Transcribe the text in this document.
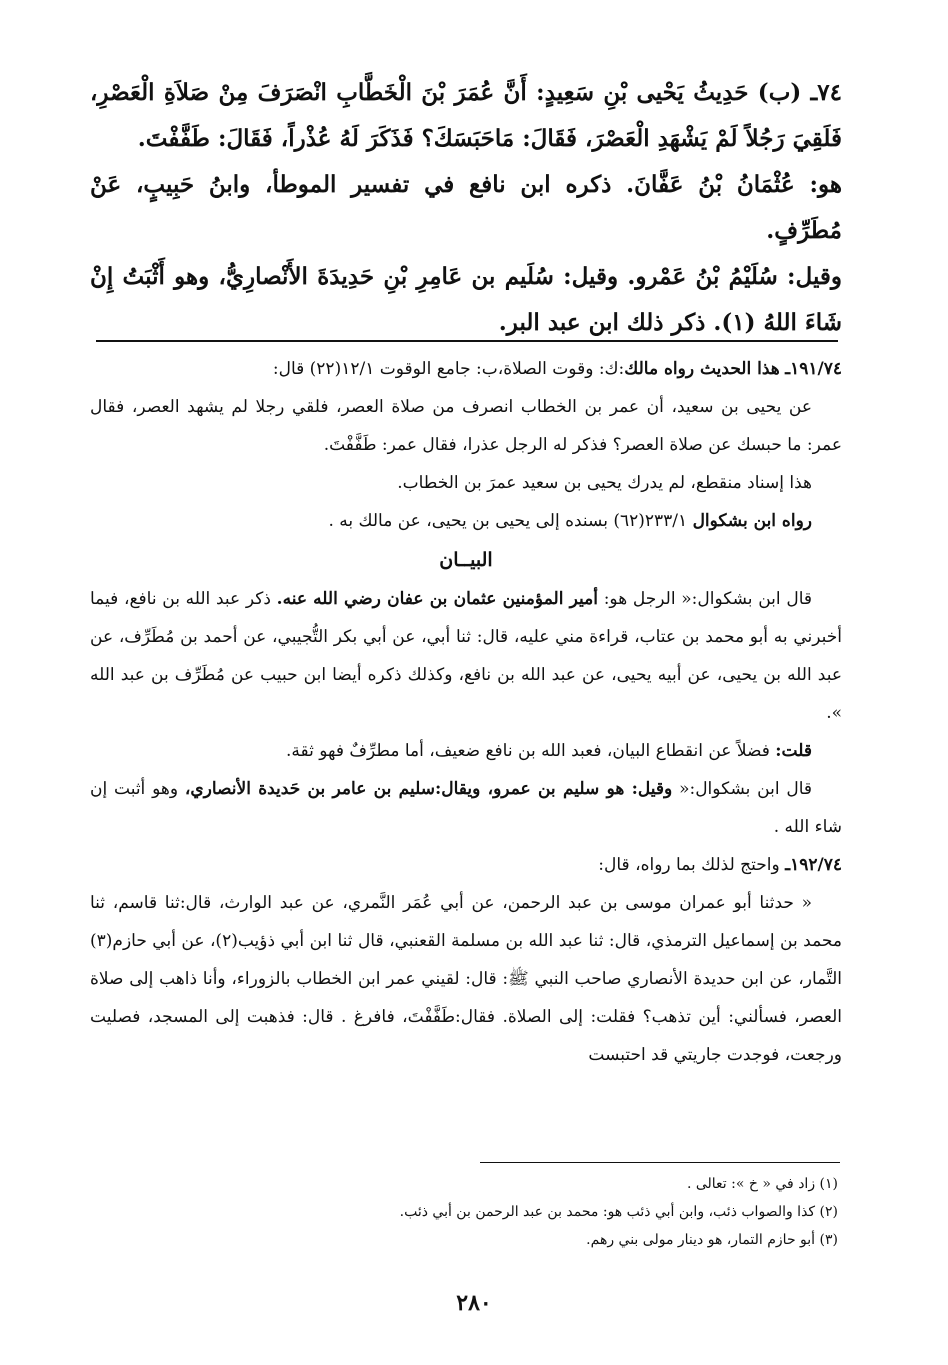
٧٤ـ (ب) حَدِيثُ يَحْيى بْنِ سَعِيدٍ: أَنَّ عُمَرَ بْنَ الْخَطَّابِ انْصَرَفَ مِنْ صَلاَةِ الْعَصْرِ، فَلَقِيَ رَجُلاً لَمْ يَشْهَدِ الْعَصْرَ، فَقَالَ: مَاحَبَسَكَ؟ فَذَكَرَ لَهُ عُذْراً، فَقَالَ: طَفَّفْتَ.

هو: عُثْمَانُ بْنُ عَفَّانَ. ذكره ابن نافع في تفسير الموطأ، وابنُ حَبِيبٍ، عَنْ مُطَرِّفٍ.

وقيل: سُلَيْمُ بْنُ عَمْرو. وقيل: سُلَيم بن عَامِرِ بْنِ حَدِيدَةَ الأَنْصارِيُّ، وهو أَثْبَتُ إِنْ شَاءَ اللهُ (١). ذكر ذلك ابن عبد البر.

١٩١/٧٤ـ هذا الحديث رواه مالك:ك: وقوت الصلاة،ب: جامع الوقوت ١٢/١(٢٢) قال:

عن يحيى بن سعيد، أن عمر بن الخطاب انصرف من صلاة العصر، فلقي رجلا لم يشهد العصر، فقال عمر: ما حبسك عن صلاة العصر؟ فذكر له الرجل عذرا، فقال عمر: طَفَّفْتَ.

هذا إسناد منقطع، لم يدرك يحيى بن سعيد عمرَ بن الخطاب.

رواه ابن بشكوال ٢٣٣/١(٦٢) بسنده إلى يحيى بن يحيى، عن مالك به .

البيــان

قال ابن بشكوال:« الرجل هو: أمير المؤمنين عثمان بن عفان رضي الله عنه. ذكر عبد الله بن نافع، فيما أخبرني به أبو محمد بن عتاب، قراءة مني عليه، قال: ثنا أبي، عن أبي بكر التُّجيبي، عن أحمد بن مُطَرِّف، عن عبد الله بن يحيى، عن أبيه يحيى، عن عبد الله بن نافع، وكذلك ذكره أيضا ابن حبيب عن مُطَرِّف بن عبد الله ».

قلت: فضلاً عن انقطاع البيان، فعبد الله بن نافع ضعيف، أما مطرِّفٌ فهو ثقة.

قال ابن بشكوال:« وقيل: هو سليم بن عمرو، ويقال:سليم بن عامر بن حَديدة الأنصاري، وهو أثبت إن شاء الله .

١٩٢/٧٤ـ واحتج لذلك بما رواه، قال:

« حدثنا أبو عمران موسى بن عبد الرحمن، عن أبي عُمَر النَّمري، عن عبد الوارث، قال:ثنا قاسم، ثنا محمد بن إسماعيل الترمذي، قال: ثنا عبد الله بن مسلمة القعنبي، قال ثنا ابن أبي ذؤيب(٢)، عن أبي حازم(٣) التَّمار، عن ابن حديدة الأنصاري صاحب النبي ﷺ: قال: لقيني عمر ابن الخطاب بالزوراء، وأنا ذاهب إلى صلاة العصر، فسألني: أين تذهب؟ فقلت: إلى الصلاة. فقال:طَفَّفْتَ، فافرغ . قال: فذهبت إلى المسجد، فصليت ورجعت، فوجدت جاريتي قد احتبست

(١) زاد في « خ »: تعالى .

(٢) كذا والصواب ذئب، وابن أبي ذئب هو: محمد بن عبد الرحمن بن أبي ذئب.

(٣) أبو حازم التمار، هو دينار مولى بني رهم.

٢٨٠
